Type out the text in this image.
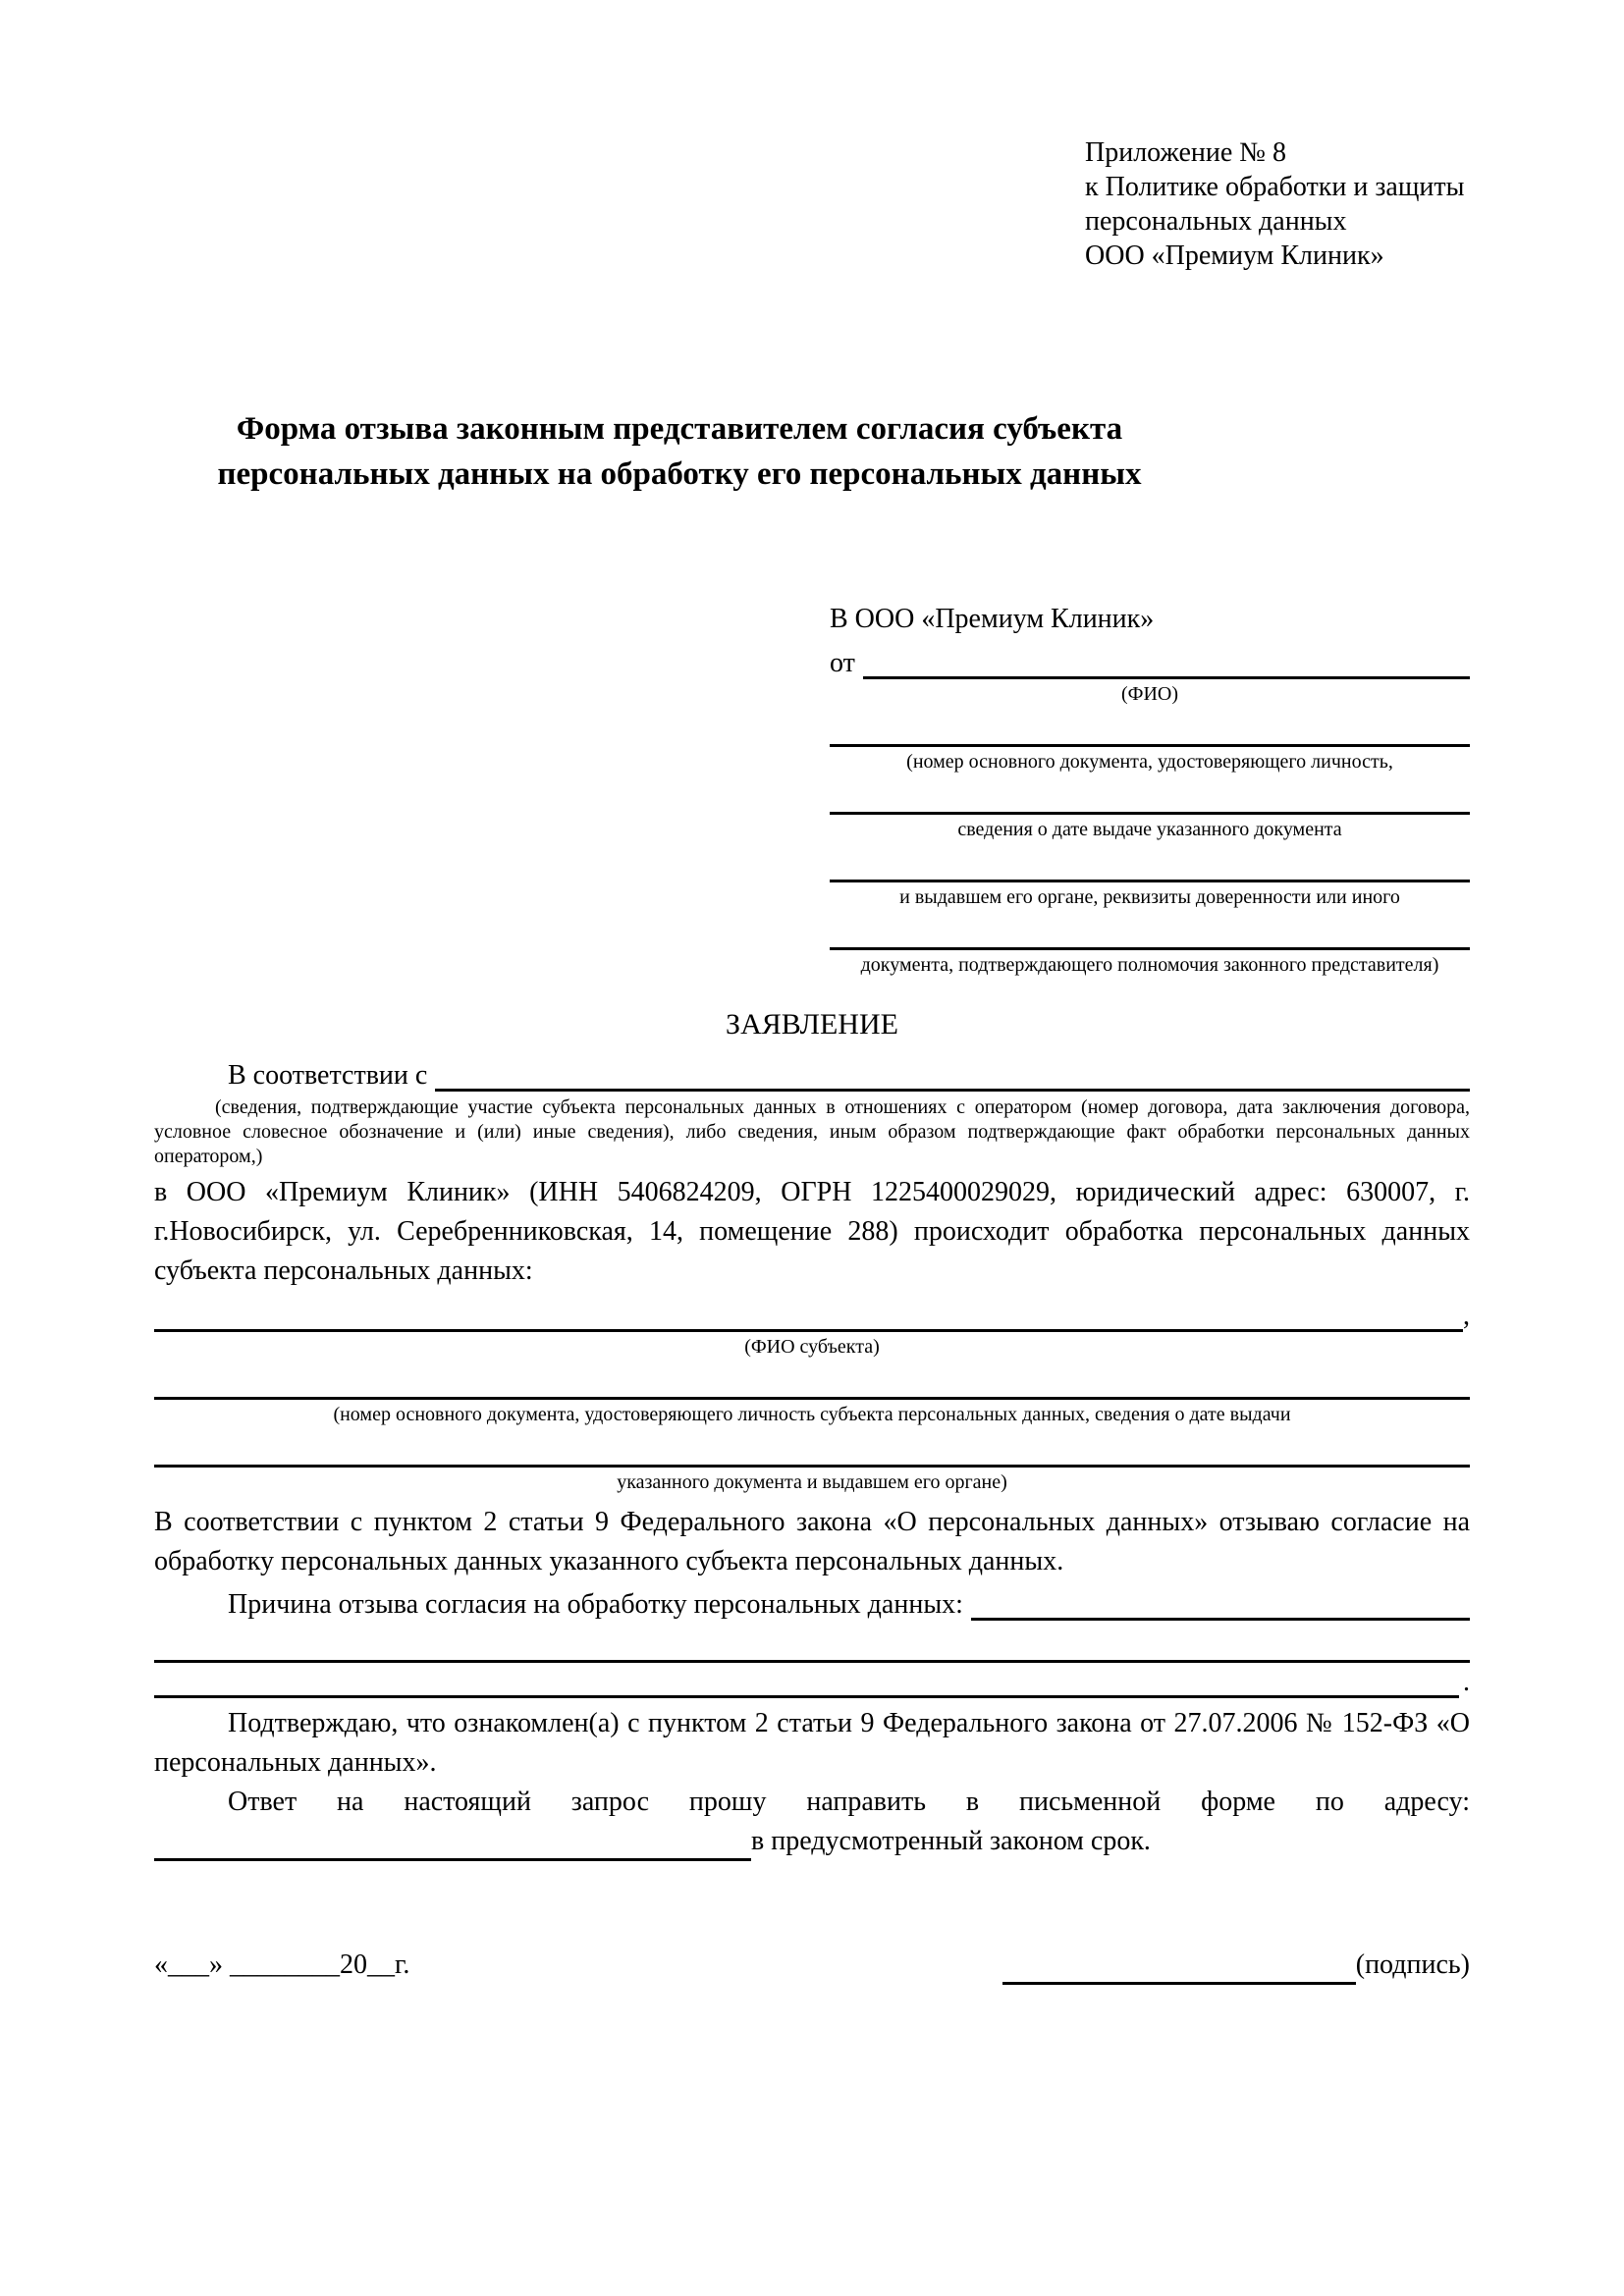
Приложение № 8
к Политике обработки и защиты
персональных данных
ООО «Премиум Клиник»
Форма отзыва законным представителем согласия субъекта персональных данных на обработку его персональных данных
В ООО «Премиум Клиник»
от
(ФИО)
(номер основного документа, удостоверяющего личность,
сведения о дате выдаче указанного документа
и выдавшем его органе, реквизиты доверенности или иного
документа, подтверждающего полномочия законного представителя)
ЗАЯВЛЕНИЕ
В соответствии с
(сведения, подтверждающие участие субъекта персональных данных в отношениях с оператором (номер договора, дата заключения договора, условное словесное обозначение и (или) иные сведения), либо сведения, иным образом подтверждающие факт обработки персональных данных оператором,)
в ООО «Премиум Клиник» (ИНН 5406824209, ОГРН 1225400029029, юридический адрес: 630007, г. г.Новосибирск, ул. Серебренниковская, 14, помещение 288) происходит обработка персональных данных субъекта персональных данных:
,
(ФИО субъекта)
(номер основного документа, удостоверяющего личность субъекта персональных данных, сведения о дате выдачи
указанного документа и выдавшем его органе)
В соответствии с пунктом 2 статьи 9 Федерального закона «О персональных данных» отзываю согласие на обработку персональных данных указанного субъекта персональных данных.
Причина отзыва согласия на обработку персональных данных:
.
Подтверждаю, что ознакомлен(а) с пунктом 2 статьи 9 Федерального закона от 27.07.2006 № 152-ФЗ «О персональных данных».
Ответ на настоящий запрос прошу направить в письменной форме по адресу: в предусмотренный законом срок.
«___» ________20__г.	(подпись)
